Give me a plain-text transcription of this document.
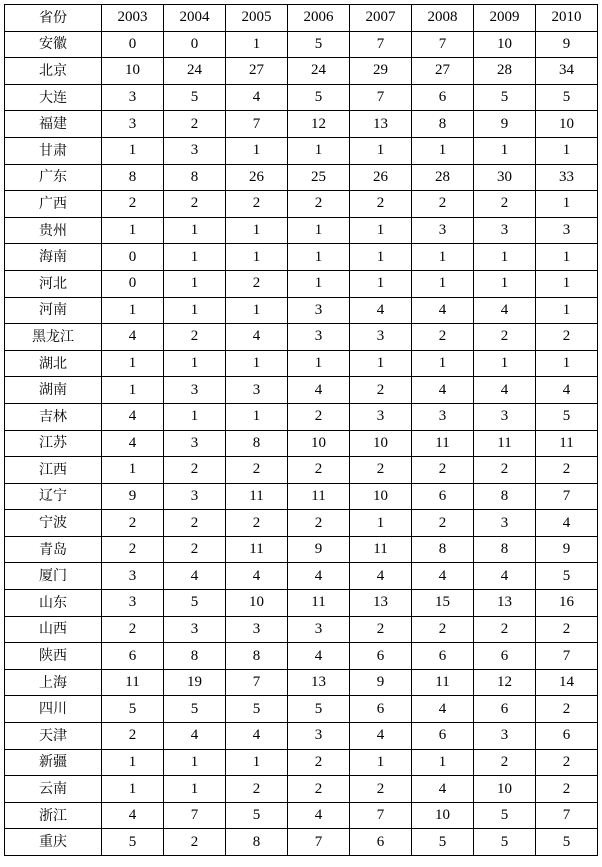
省份	2003	2004	2005	2006	2007	2008	2009	2010
安徽	0	0	1	5	7	7	10	9
北京	10	24	27	24	29	27	28	34
大连	3	5	4	5	7	6	5	5
福建	3	2	7	12	13	8	9	10
甘肃	1	3	1	1	1	1	1	1
广东	8	8	26	25	26	28	30	33
广西	2	2	2	2	2	2	2	1
贵州	1	1	1	1	1	3	3	3
海南	0	1	1	1	1	1	1	1
河北	0	1	2	1	1	1	1	1
河南	1	1	1	3	4	4	4	1
黑龙江	4	2	4	3	3	2	2	2
湖北	1	1	1	1	1	1	1	1
湖南	1	3	3	4	2	4	4	4
吉林	4	1	1	2	3	3	3	5
江苏	4	3	8	10	10	11	11	11
江西	1	2	2	2	2	2	2	2
辽宁	9	3	11	11	10	6	8	7
宁波	2	2	2	2	1	2	3	4
青岛	2	2	11	9	11	8	8	9
厦门	3	4	4	4	4	4	4	5
山东	3	5	10	11	13	15	13	16
山西	2	3	3	3	2	2	2	2
陕西	6	8	8	4	6	6	6	7
上海	11	19	7	13	9	11	12	14
四川	5	5	5	5	6	4	6	2
天津	2	4	4	3	4	6	3	6
新疆	1	1	1	2	1	1	2	2
云南	1	1	2	2	2	4	10	2
浙江	4	7	5	4	7	10	5	7
重庆	5	2	8	7	6	5	5	5
